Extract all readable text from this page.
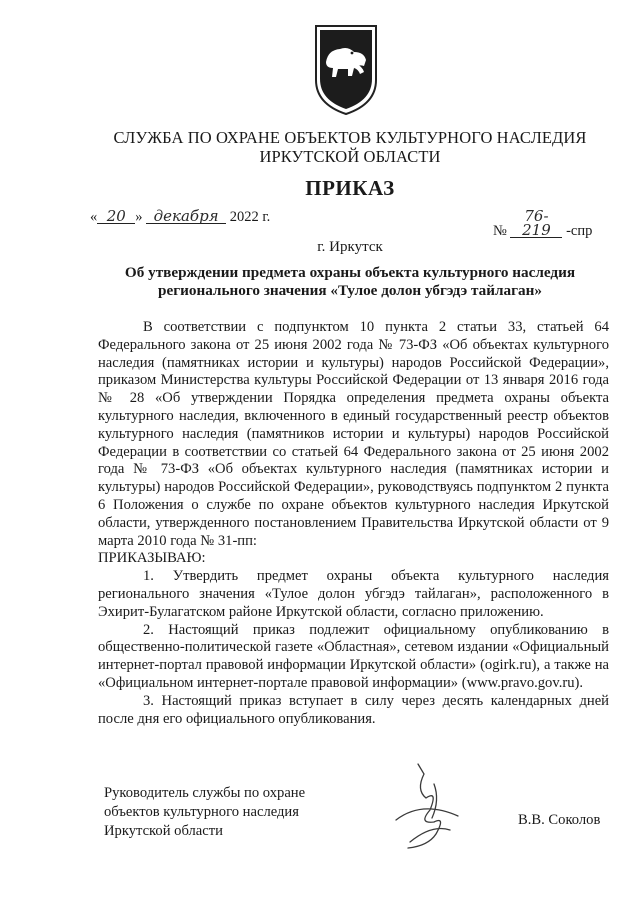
СЛУЖБА ПО ОХРАНЕ ОБЪЕКТОВ КУЛЬТУРНОГО НАСЛЕДИЯ
ИРКУТСКОЙ ОБЛАСТИ
ПРИКАЗ
« 20 » декабря 2022 г.
№ 76-219 -спр
г. Иркутск
Об утверждении предмета охраны объекта культурного наследия
регионального значения «Тулое долон убгэдэ тайлаган»

В соответствии с подпунктом 10 пункта 2 статьи 33, статьей 64 Федерального закона от 25 июня 2002 года № 73-ФЗ «Об объектах культурного наследия (памятниках истории и культуры) народов Российской Федерации», приказом Министерства культуры Российской Федерации от 13 января 2016 года № 28 «Об утверждении Порядка определения предмета охраны объекта культурного наследия, включенного в единый государственный реестр объектов культурного наследия (памятников истории и культуры) народов Российской Федерации в соответствии со статьей 64 Федерального закона от 25 июня 2002 года № 73-ФЗ «Об объектах культурного наследия (памятниках истории и культуры) народов Российской Федерации», руководствуясь подпунктом 2 пункта 6 Положения о службе по охране объектов культурного наследия Иркутской области, утвержденного постановлением Правительства Иркутской области от 9 марта 2010 года № 31-пп:

ПРИКАЗЫВАЮ:

1. Утвердить предмет охраны объекта культурного наследия регионального значения «Тулое долон убгэдэ тайлаган», расположенного в Эхирит-Булагатском районе Иркутской области, согласно приложению.

2. Настоящий приказ подлежит официальному опубликованию в общественно-политической газете «Областная», сетевом издании «Официальный интернет-портал правовой информации Иркутской области» (ogirk.ru), а также на «Официальном интернет-портале правовой информации» (www.pravo.gov.ru).

3. Настоящий приказ вступает в силу через десять календарных дней после дня его официального опубликования.

Руководитель службы по охране
объектов культурного наследия
Иркутской области
В.В. Соколов
